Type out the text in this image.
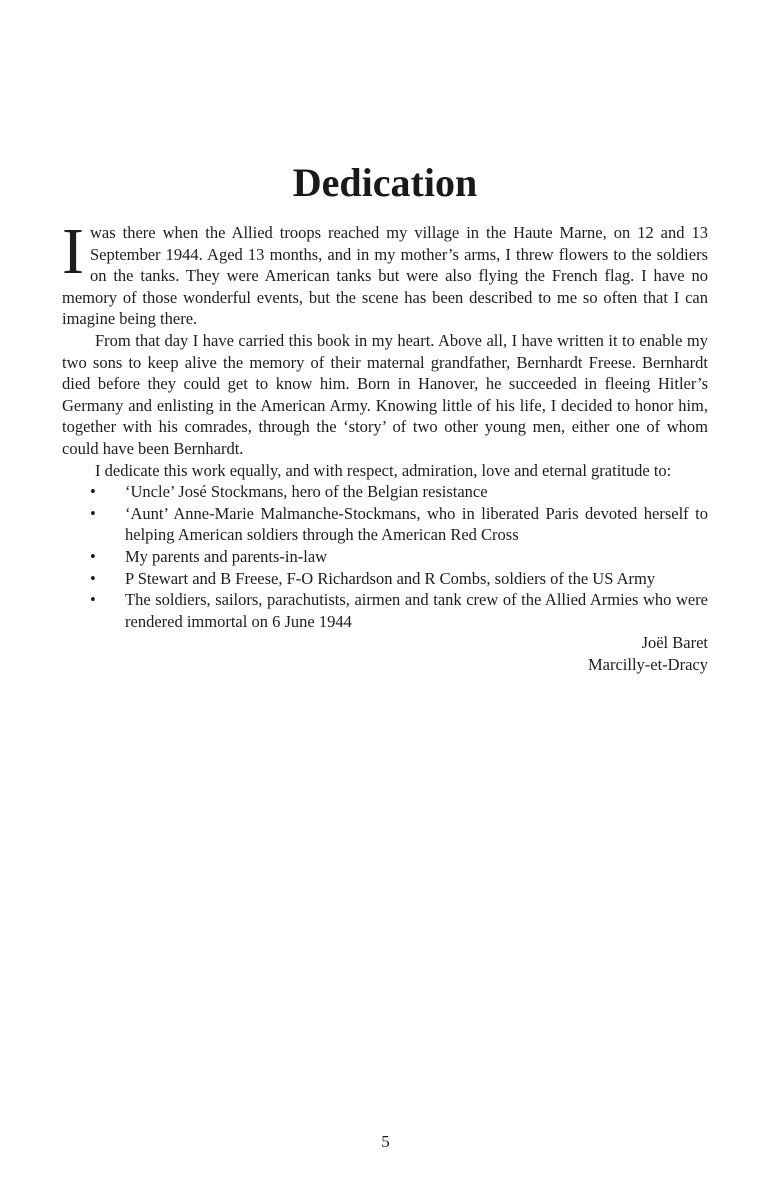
Dedication

Iwas there when the Allied troops reached my village in the Haute Marne, on 12 and 13 September 1944. Aged 13 months, and in my mother’s arms, I threw flowers to the soldiers on the tanks. They were American tanks but were also flying the French flag. I have no memory of those wonderful events, but the scene has been described to me so often that I can imagine being there.

From that day I have carried this book in my heart. Above all, I have written it to enable my two sons to keep alive the memory of their maternal grandfather, Bernhardt Freese. Bernhardt died before they could get to know him. Born in Hanover, he succeeded in fleeing Hitler’s Germany and enlisting in the American Army. Knowing little of his life, I decided to honor him, together with his comrades, through the ‘story’ of two other young men, either one of whom could have been Bernhardt.

I dedicate this work equally, and with respect, admiration, love and eternal gratitude to:

• ‘Uncle’ José Stockmans, hero of the Belgian resistance
• ‘Aunt’ Anne-Marie Malmanche-Stockmans, who in liberated Paris devoted herself to helping American soldiers through the American Red Cross
• My parents and parents-in-law
• P Stewart and B Freese, F-O Richardson and R Combs, soldiers of the US Army
• The soldiers, sailors, parachutists, airmen and tank crew of the Allied Armies who were rendered immortal on 6 June 1944

Joël Baret

Marcilly-et-Dracy

5
